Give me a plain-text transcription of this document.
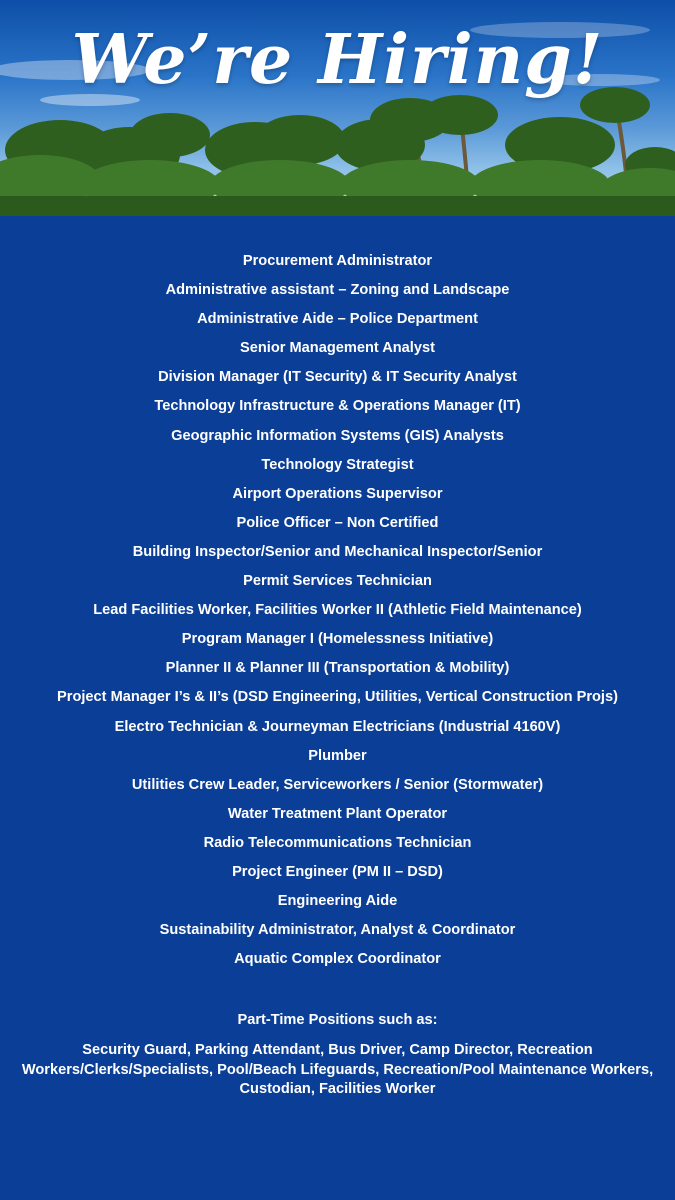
We’re Hiring!
Procurement Administrator
Administrative assistant – Zoning and Landscape
Administrative Aide – Police Department
Senior Management Analyst
Division Manager (IT Security) & IT Security Analyst
Technology Infrastructure & Operations Manager (IT)
Geographic Information Systems (GIS) Analysts
Technology Strategist
Airport Operations Supervisor
Police Officer – Non Certified
Building Inspector/Senior and Mechanical Inspector/Senior
Permit Services Technician
Lead Facilities Worker, Facilities Worker II (Athletic Field Maintenance)
Program Manager I (Homelessness Initiative)
Planner II & Planner III (Transportation & Mobility)
Project Manager I’s & II’s (DSD Engineering, Utilities, Vertical Construction Projs)
Electro Technician & Journeyman Electricians (Industrial 4160V)
Plumber
Utilities Crew Leader, Serviceworkers / Senior (Stormwater)
Water Treatment Plant Operator
Radio Telecommunications Technician
Project Engineer (PM II – DSD)
Engineering Aide
Sustainability Administrator, Analyst & Coordinator
Aquatic Complex Coordinator
Part-Time Positions such as:
Security Guard, Parking Attendant, Bus Driver, Camp Director, Recreation
Workers/Clerks/Specialists, Pool/Beach Lifeguards, Recreation/Pool Maintenance Workers,
Custodian, Facilities Worker
